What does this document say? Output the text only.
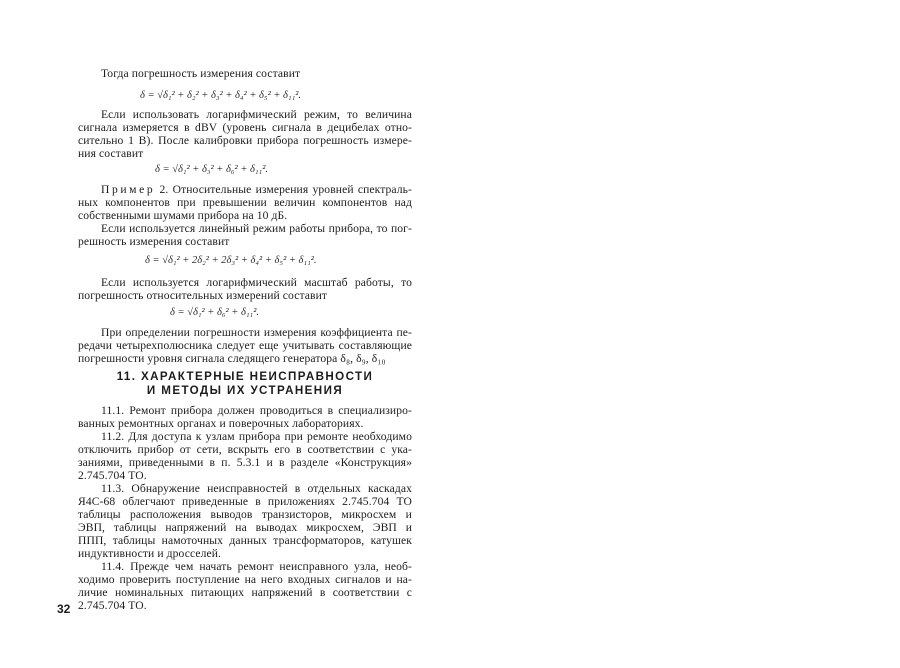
Тогда погрешность измерения составит
δ = √δ₁² + δ₂² + δ₃² + δ₄² + δ₅² + δ₁₁².
Если использовать логарифмический режим, то величина
сигнала измеряется в dBV (уровень сигнала в децибелах отно-
сительно 1 В). После калибровки прибора погрешность измере-
ния составит
δ = √δ₁² + δ₃² + δ₆² + δ₁₁².
Пример 2. Относительные измерения уровней спектраль-
ных компонентов при превышении величин компонентов над
собственными шумами прибора на 10 дБ.
Если используется линейный режим работы прибора, то пог-
решность измерения составит
δ = √δ₁² + 2δ₂² + 2δ₃² + δ₄² + δ₅² + δ₁₁².
Если используется логарифмический масштаб работы, то
погрешность относительных измерений составит
δ = √δ₁² + δ₆² + δ₁₁².
При определении погрешности измерения коэффициента пе-
редачи четырехполюсника следует еще учитывать составляющие
погрешности уровня сигнала следящего генератора δ₈, δ₉, δ₁₀
11. ХАРАКТЕРНЫЕ НЕИСПРАВНОСТИ
И МЕТОДЫ ИХ УСТРАНЕНИЯ
11.1. Ремонт прибора должен проводиться в специализиро-
ванных ремонтных органах и поверочных лабораториях.
11.2. Для доступа к узлам прибора при ремонте необходимо
отключить прибор от сети, вскрыть его в соответствии с ука-
заниями, приведенными в п. 5.3.1 и в разделе «Конструкция»
2.745.704 ТО.
11.3. Обнаружение неисправностей в отдельных каскадах
Я4С-68 облегчают приведенные в приложениях 2.745.704 ТО
таблицы расположения выводов транзисторов, микросхем и
ЭВП, таблицы напряжений на выводах микросхем, ЭВП и
ППП, таблицы намоточных данных трансформаторов, катушек
индуктивности и дросселей.
11.4. Прежде чем начать ремонт неисправного узла, необ-
ходимо проверить поступление на него входных сигналов и на-
личие номинальных питающих напряжений в соответствии с
2.745.704 ТО.
32
